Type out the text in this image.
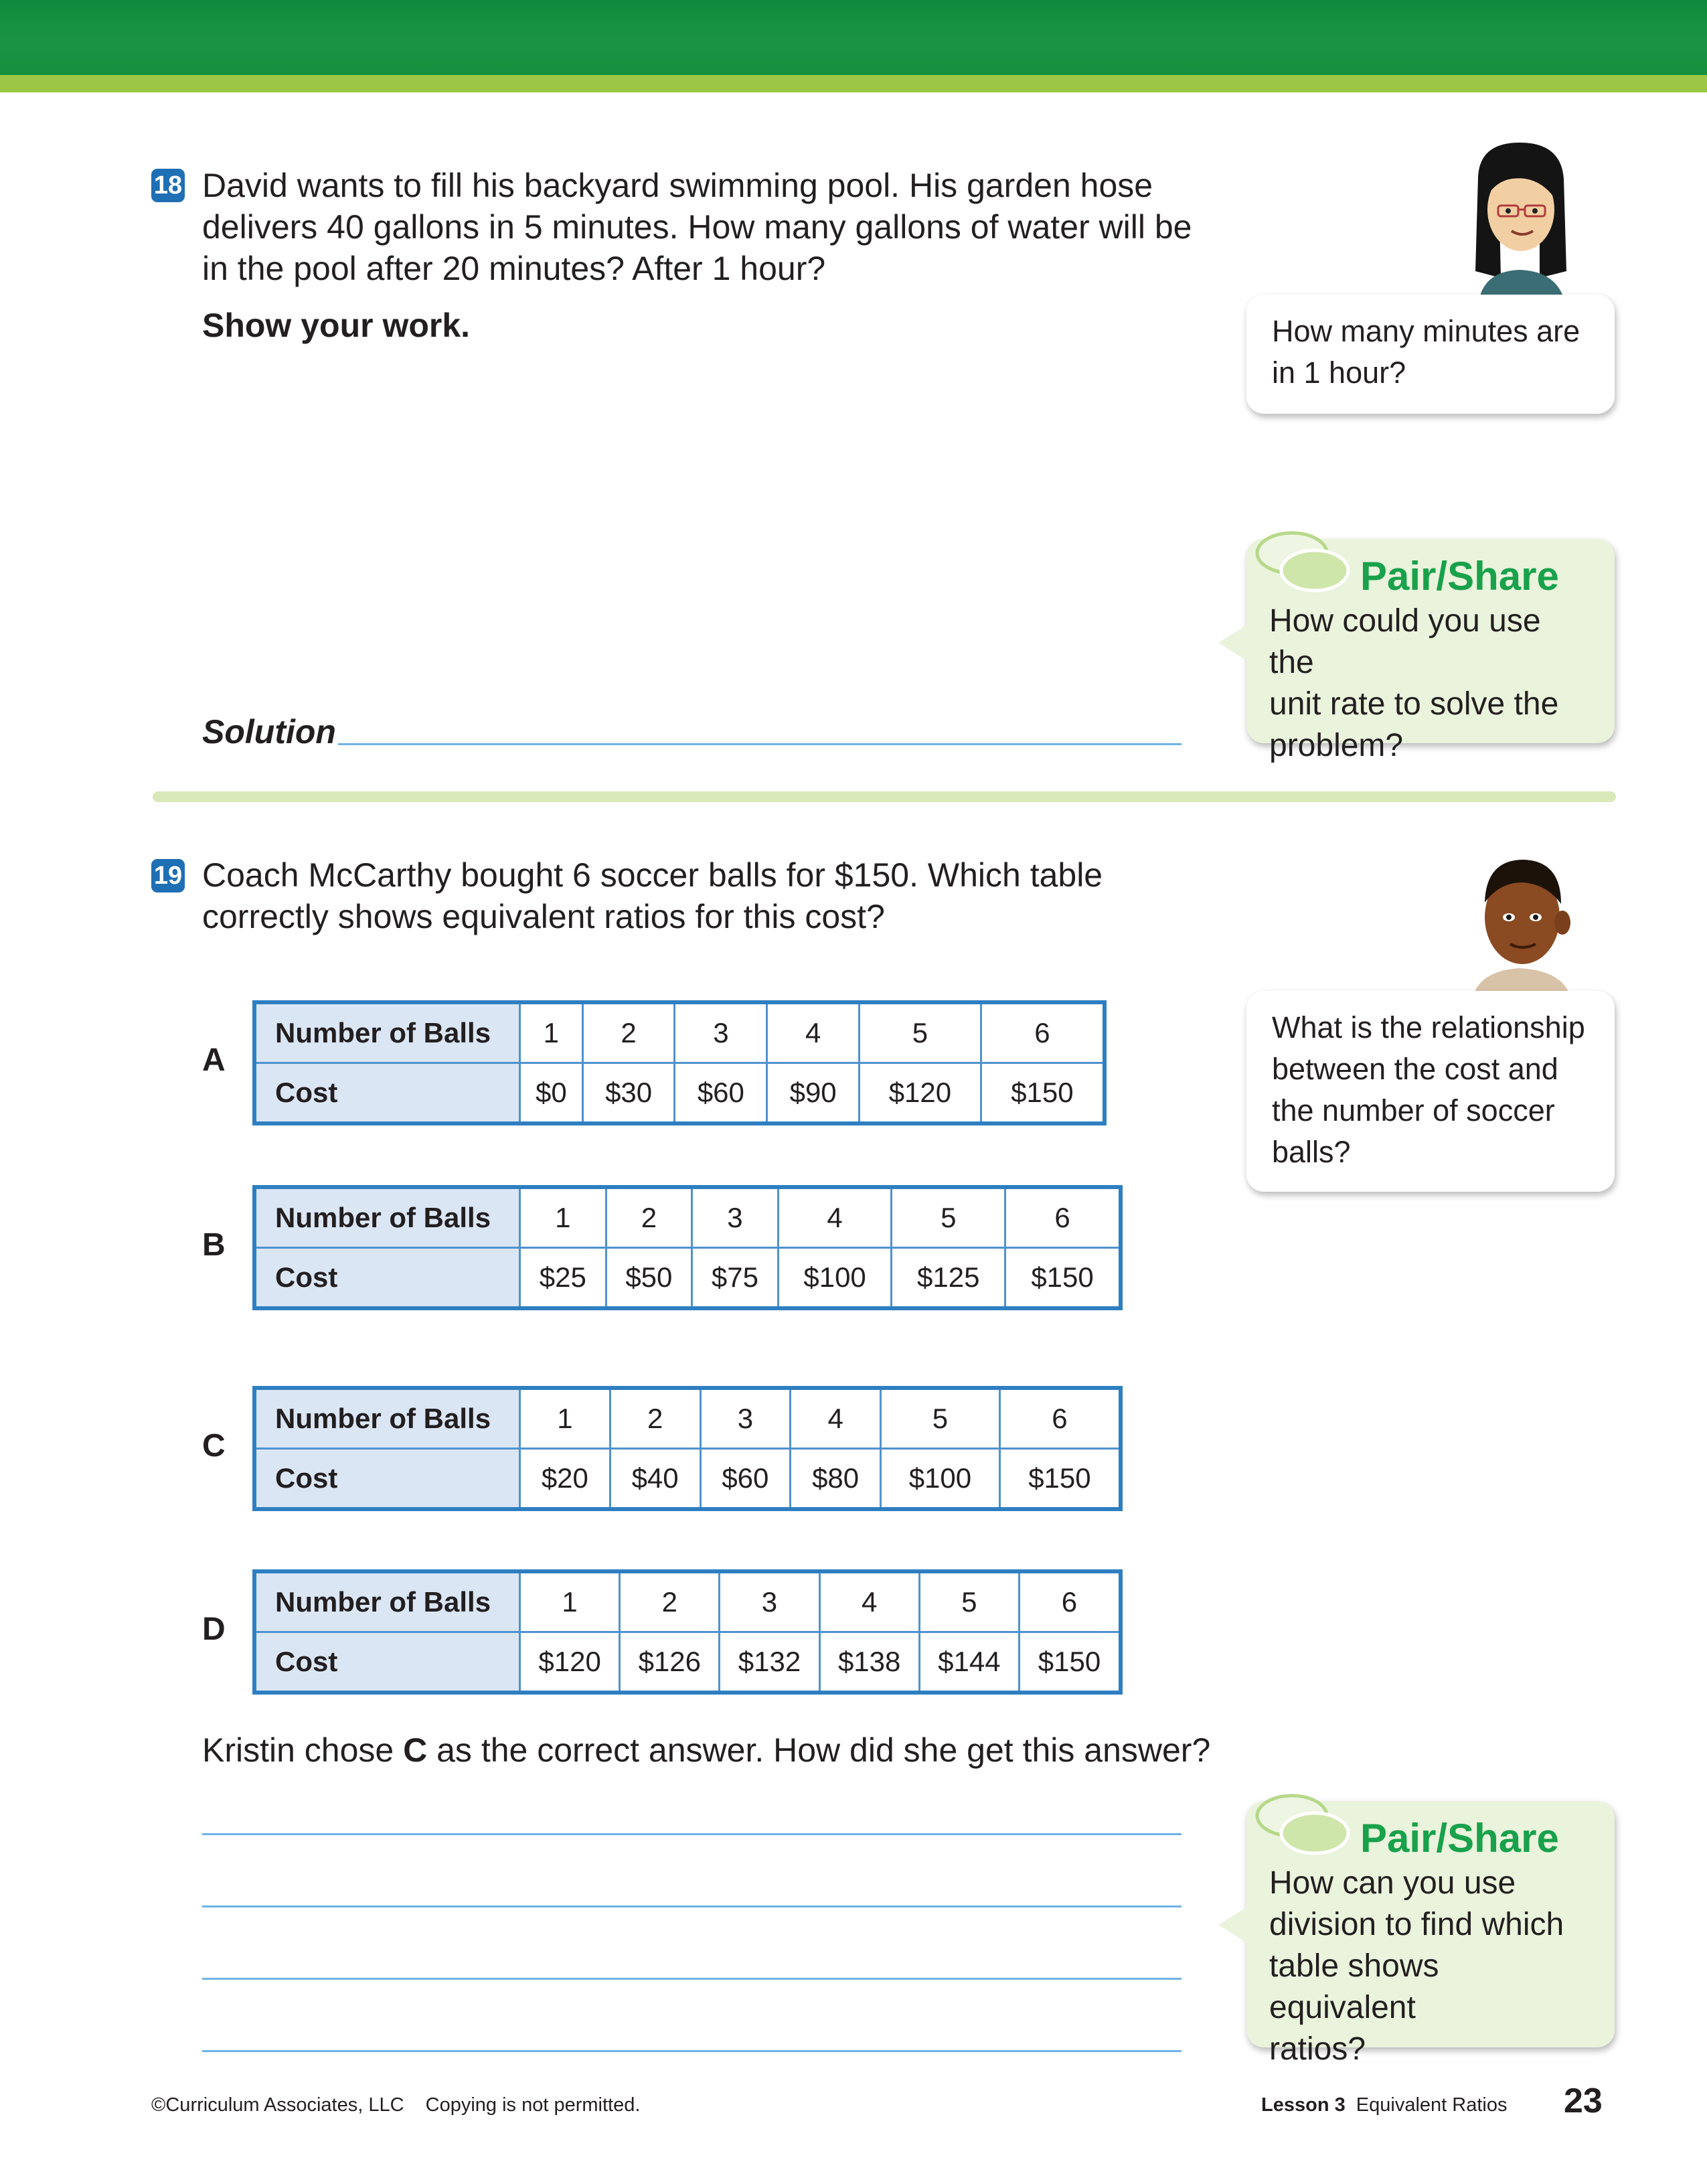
18 David wants to fill his backyard swimming pool. His garden hose
delivers 40 gallons in 5 minutes. How many gallons of water will be
in the pool after 20 minutes? After 1 hour?
Show your work.
Solution
How many minutes are
in 1 hour?
Pair/Share
How could you use the
unit rate to solve the
problem?
19 Coach McCarthy bought 6 soccer balls for $150. Which table
correctly shows equivalent ratios for this cost?
What is the relationship
between the cost and
the number of soccer
balls?
A
Number of Balls	1	2	3	4	5	6
Cost	$0	$30	$60	$90	$120	$150
B
Number of Balls	1	2	3	4	5	6
Cost	$25	$50	$75	$100	$125	$150
C
Number of Balls	1	2	3	4	5	6
Cost	$20	$40	$60	$80	$100	$150
D
Number of Balls	1	2	3	4	5	6
Cost	$120	$126	$132	$138	$144	$150
Kristin chose C as the correct answer. How did she get this answer?
Pair/Share
How can you use
division to find which
table shows equivalent
ratios?
©Curriculum Associates, LLC Copying is not permitted.	Lesson 3 Equivalent Ratios 23
